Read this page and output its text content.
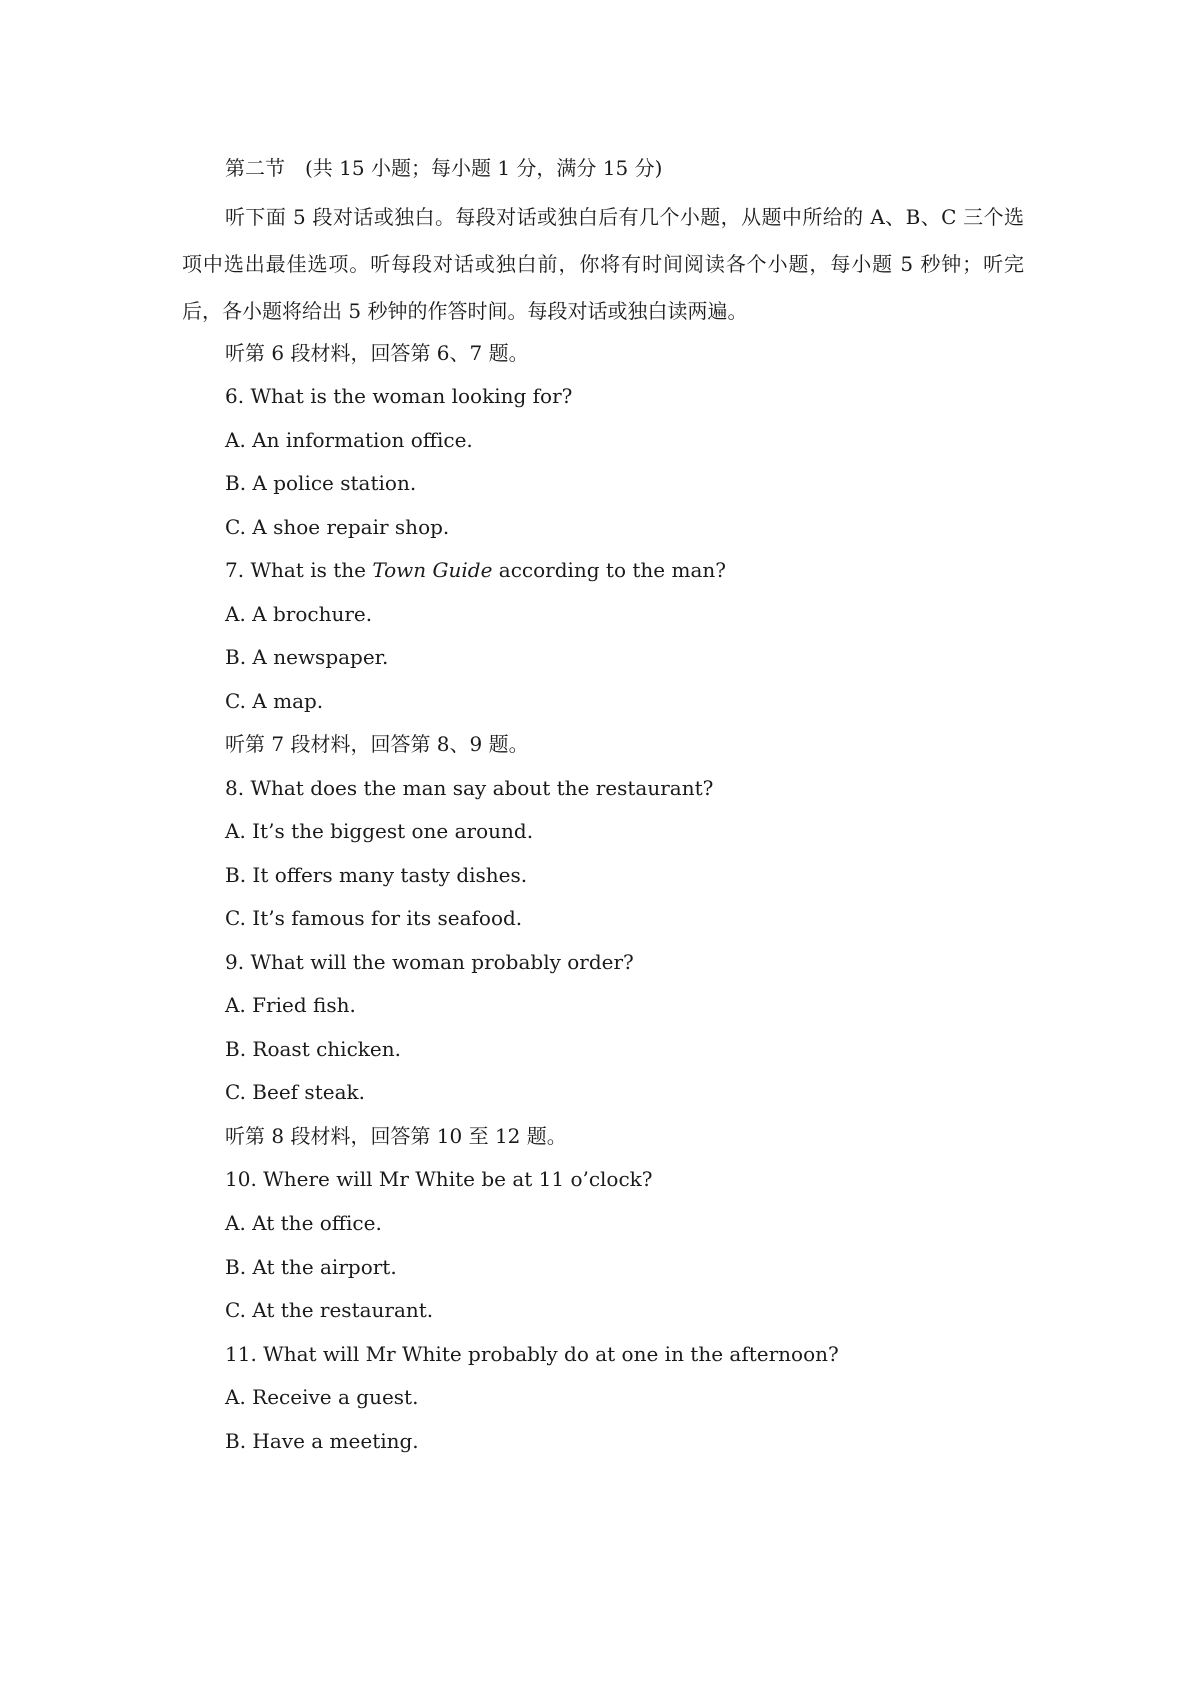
第二节　(共 15 小题；每小题 1 分，满分 15 分)
听下面 5 段对话或独白。每段对话或独白后有几个小题，从题中所给的 A、B、C 三个选项中选出最佳选项。听每段对话或独白前，你将有时间阅读各个小题，每小题 5 秒钟；听完后，各小题将给出 5 秒钟的作答时间。每段对话或独白读两遍。
听第 6 段材料，回答第 6、7 题。
6. What is the woman looking for?
A. An information office.
B. A police station.
C. A shoe repair shop.
7. What is the Town Guide according to the man?
A. A brochure.
B. A newspaper.
C. A map.
听第 7 段材料，回答第 8、9 题。
8. What does the man say about the restaurant?
A. It’s the biggest one around.
B. It offers many tasty dishes.
C. It’s famous for its seafood.
9. What will the woman probably order?
A. Fried fish.
B. Roast chicken.
C. Beef steak.
听第 8 段材料，回答第 10 至 12 题。
10. Where will Mr White be at 11 o’clock?
A. At the office.
B. At the airport.
C. At the restaurant.
11. What will Mr White probably do at one in the afternoon?
A. Receive a guest.
B. Have a meeting.
